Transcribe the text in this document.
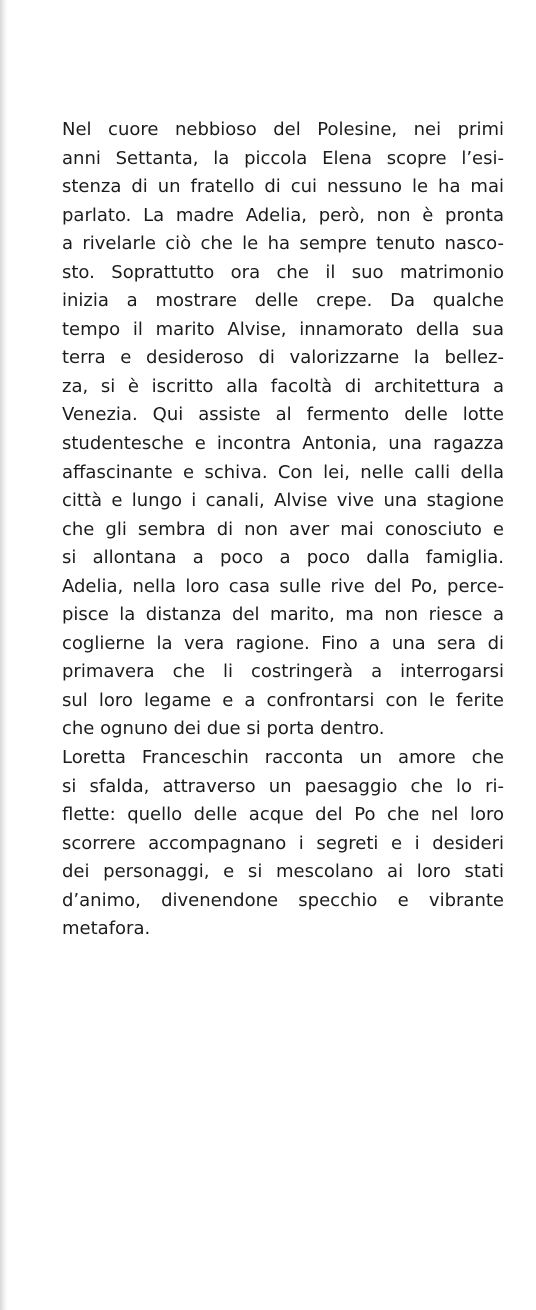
Nel cuore nebbioso del Polesine, nei primi
anni Settanta, la piccola Elena scopre l’esi-
stenza di un fratello di cui nessuno le ha mai
parlato. La madre Adelia, però, non è pronta
a rivelarle ciò che le ha sempre tenuto nasco-
sto. Soprattutto ora che il suo matrimonio
inizia a mostrare delle crepe. Da qualche
tempo il marito Alvise, innamorato della sua
terra e desideroso di valorizzarne la bellez-
za, si è iscritto alla facoltà di architettura a
Venezia. Qui assiste al fermento delle lotte
studentesche e incontra Antonia, una ragazza
affascinante e schiva. Con lei, nelle calli della
città e lungo i canali, Alvise vive una stagione
che gli sembra di non aver mai conosciuto e
si allontana a poco a poco dalla famiglia.
Adelia, nella loro casa sulle rive del Po, perce-
pisce la distanza del marito, ma non riesce a
coglierne la vera ragione. Fino a una sera di
primavera che li costringerà a interrogarsi
sul loro legame e a confrontarsi con le ferite
che ognuno dei due si porta dentro.
Loretta Franceschin racconta un amore che
si sfalda, attraverso un paesaggio che lo ri-
flette: quello delle acque del Po che nel loro
scorrere accompagnano i segreti e i desideri
dei personaggi, e si mescolano ai loro stati
d’animo, divenendone specchio e vibrante
metafora.
